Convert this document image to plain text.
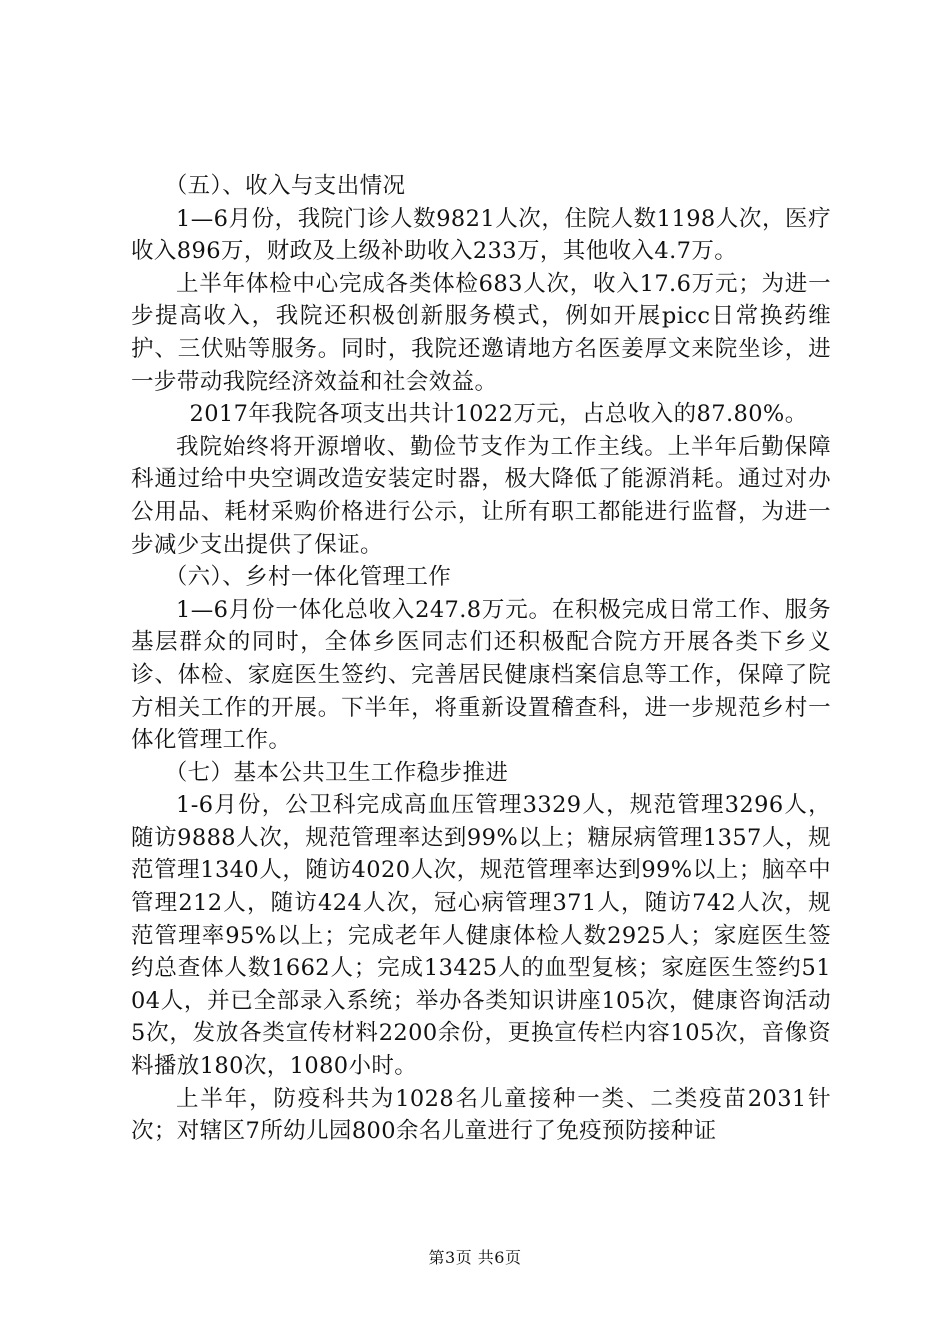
（五）、收入与支出情况

1—6月份，我院门诊人数9821人次，住院人数1198人次，医疗收入896万，财政及上级补助收入233万，其他收入4.7万。

上半年体检中心完成各类体检683人次，收入17.6万元；为进一步提高收入，我院还积极创新服务模式，例如开展picc日常换药维护、三伏贴等服务。同时，我院还邀请地方名医姜厚文来院坐诊，进一步带动我院经济效益和社会效益。

2017年我院各项支出共计1022万元，占总收入的87.80%。

我院始终将开源增收、勤俭节支作为工作主线。上半年后勤保障科通过给中央空调改造安装定时器，极大降低了能源消耗。通过对办公用品、耗材采购价格进行公示，让所有职工都能进行监督，为进一步减少支出提供了保证。

（六）、乡村一体化管理工作

1—6月份一体化总收入247.8万元。在积极完成日常工作、服务基层群众的同时，全体乡医同志们还积极配合院方开展各类下乡义诊、体检、家庭医生签约、完善居民健康档案信息等工作，保障了院方相关工作的开展。下半年，将重新设置稽查科，进一步规范乡村一体化管理工作。

（七）基本公共卫生工作稳步推进

1-6月份，公卫科完成高血压管理3329人，规范管理3296人，随访9888人次，规范管理率达到99%以上；糖尿病管理1357人，规范管理1340人，随访4020人次，规范管理率达到99%以上；脑卒中管理212人，随访424人次，冠心病管理371人，随访742人次，规范管理率95%以上；完成老年人健康体检人数2925人；家庭医生签约总查体人数1662人；完成13425人的血型复核；家庭医生签约5104人，并已全部录入系统；举办各类知识讲座105次，健康咨询活动5次，发放各类宣传材料2200余份，更换宣传栏内容105次，音像资料播放180次，1080小时。

上半年，防疫科共为1028名儿童接种一类、二类疫苗2031针次；对辖区7所幼儿园800余名儿童进行了免疫预防接种证

第3页 共6页
